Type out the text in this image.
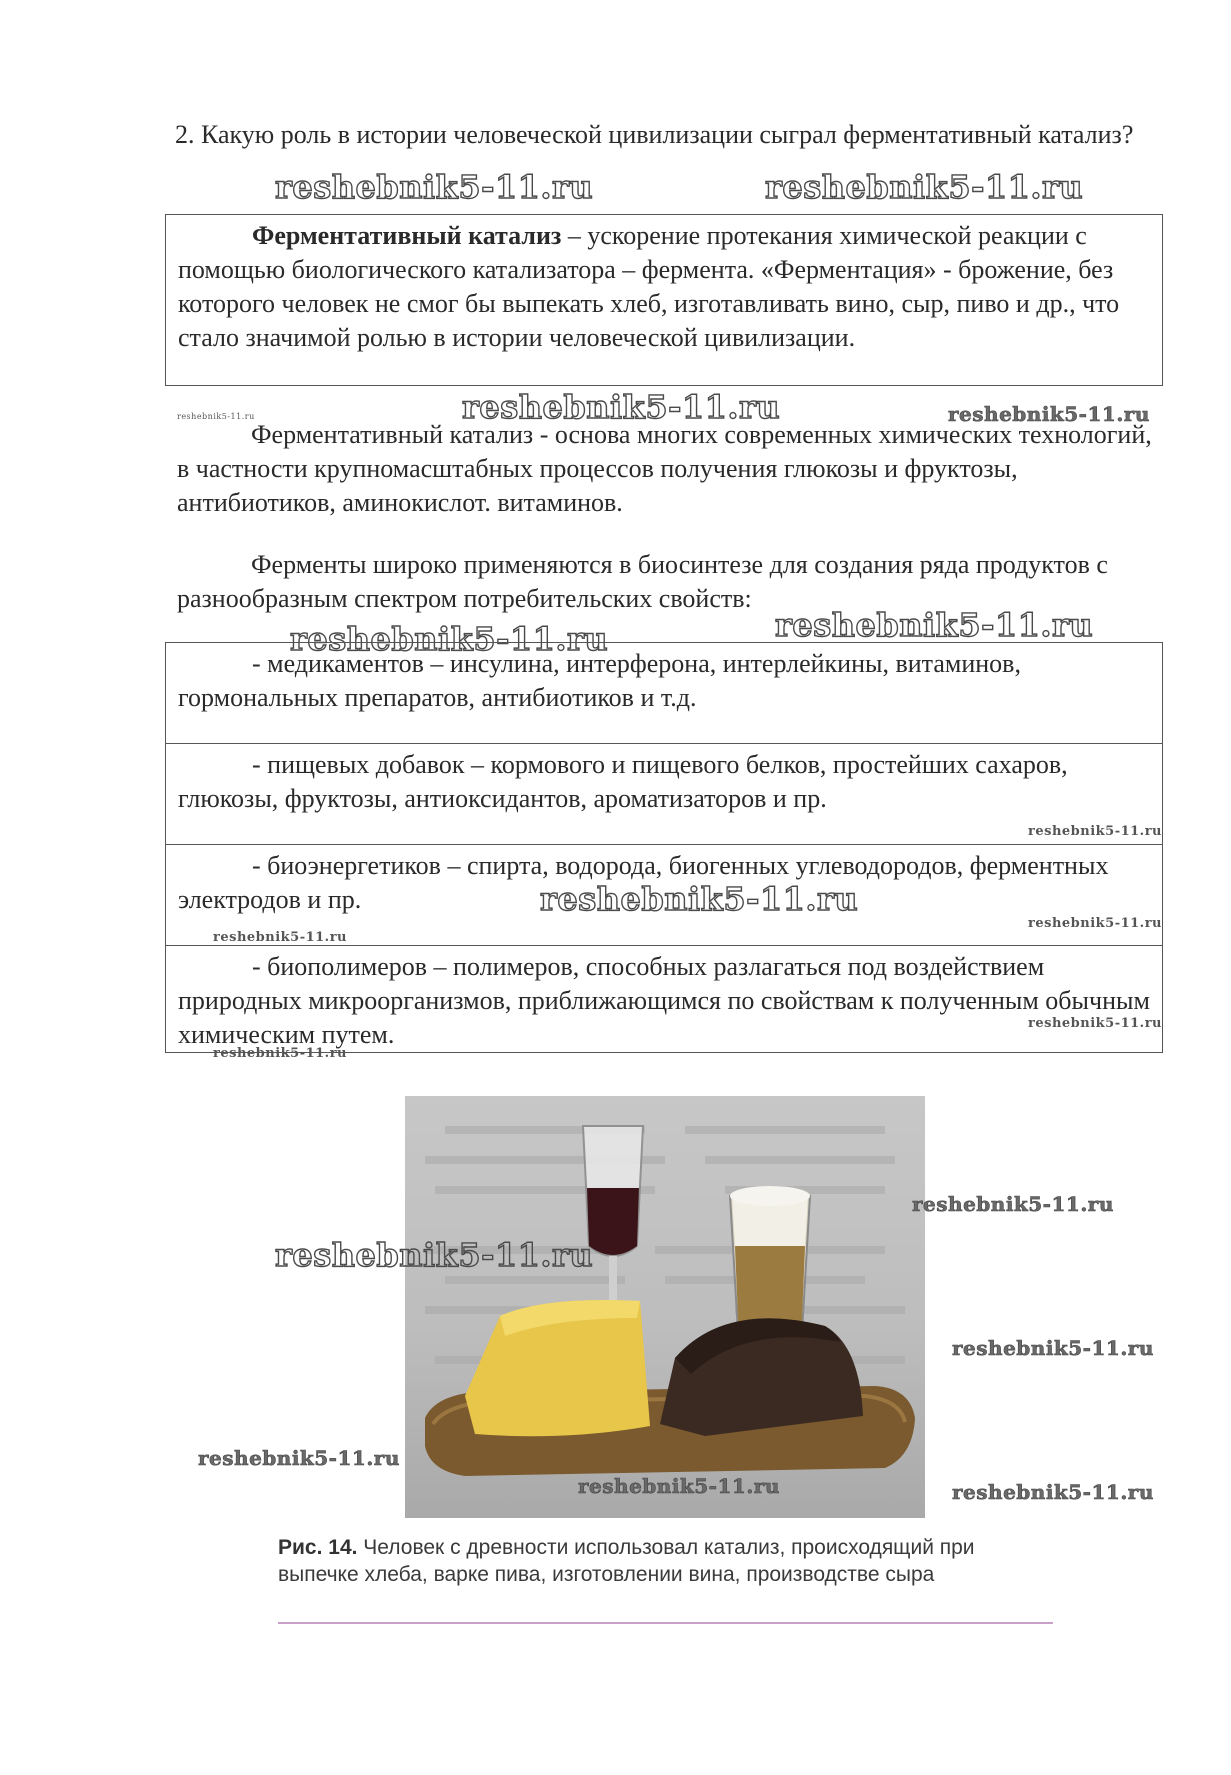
2. Какую роль в истории человеческой цивилизации сыграл ферментативный катализ?
reshebnik5-11.ru	reshebnik5-11.ru
Ферментативный катализ – ускорение протекания химической реакции с помощью биологического катализатора – фермента. «Ферментация» - брожение, без которого человек не смог бы выпекать хлеб, изготавливать вино, сыр, пиво и др., что стало значимой ролью в истории человеческой цивилизации.
reshebnik5-11.ru	reshebnik5-11.ru	reshebnik5-11.ru
Ферментативный катализ - основа многих современных химических технологий, в частности крупномасштабных процессов получения глюкозы и фруктозы, антибиотиков, аминокислот. витаминов.
Ферменты широко применяются в биосинтезе для создания ряда продуктов с разнообразным спектром потребительских свойств:
reshebnik5-11.ru	reshebnik5-11.ru
- медикаментов – инсулина, интерферона, интерлейкины, витаминов, гормональных препаратов, антибиотиков и т.д.
- пищевых добавок – кормового и пищевого белков, простейших сахаров, глюкозы, фруктозы, антиоксидантов, ароматизаторов и пр.
- биоэнергетиков – спирта, водорода, биогенных углеводородов, ферментных электродов и пр.
- биополимеров – полимеров, способных разлагаться под воздействием природных микроорганизмов, приближающимся по свойствам к полученным обычным химическим путем.
reshebnik5-11.ru
reshebnik5-11.ru
reshebnik5-11.ru
reshebnik5-11.ru
reshebnik5-11.ru
reshebnik5-11.ru
reshebnik5-11.ru
reshebnik5-11.ru
reshebnik5-11.ru
reshebnik5-11.ru
reshebnik5-11.ru	reshebnik5-11.ru
Рис. 14. Человек с древности использовал катализ, происходящий при выпечке хлеба, варке пива, изготовлении вина, производстве сыра
